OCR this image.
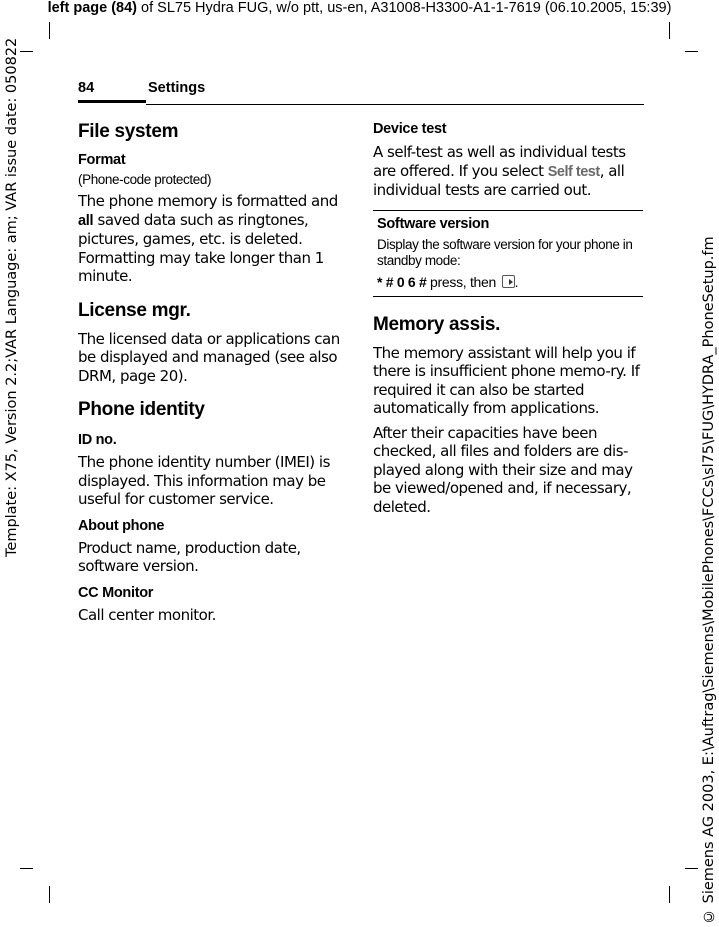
left page (84) of SL75 Hydra FUG, w/o ptt, us-en, A31008-H3300-A1-1-7619 (06.10.2005, 15:39)
Template: X75, Version 2.2;VAR Language: am; VAR issue date: 050822	© Siemens AG 2003, E:\Auftrag\Siemens\MobilePhones\FCCs\sl75\FUG\HYDRA_PhoneSetup.fm
84	Settings
File system
Format

(Phone-code protected)

The phone memory is formatted and all saved data such as ringtones, pictures, games, etc. is deleted. Formatting may take longer than 1 minute.

License mgr.

The licensed data or applications can be displayed and managed (see also DRM, page 20).

Phone identity
ID no.

The phone identity number (IMEI) is displayed. This information may be useful for customer service.

About phone

Product name, production date, software version.

CC Monitor

Call center monitor.

Device test

A self-test as well as individual tests are offered. If you select Self test, all individual tests are carried out.

Software version

Display the software version for your phone in standby mode:

* # 0 6 # press, then .

Memory assis.

The memory assistant will help you if there is insufficient phone memo-ry. If required it can also be started automatically from applications.

After their capacities have been checked, all files and folders are dis-played along with their size and may be viewed/opened and, if necessary, deleted.
